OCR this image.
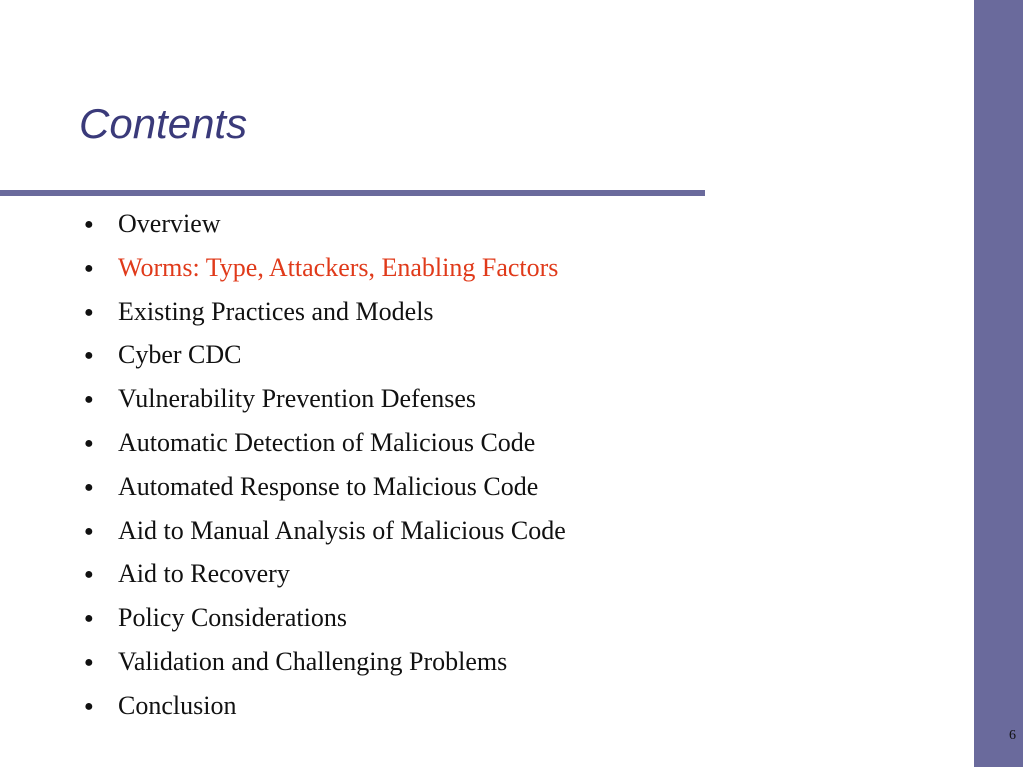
Contents
● Overview
● Worms: Type, Attackers, Enabling Factors
● Existing Practices and Models
● Cyber CDC
● Vulnerability Prevention Defenses
● Automatic Detection of Malicious Code
● Automated Response to Malicious Code
● Aid to Manual Analysis of Malicious Code
● Aid to Recovery
● Policy Considerations
● Validation and Challenging Problems
● Conclusion
6
